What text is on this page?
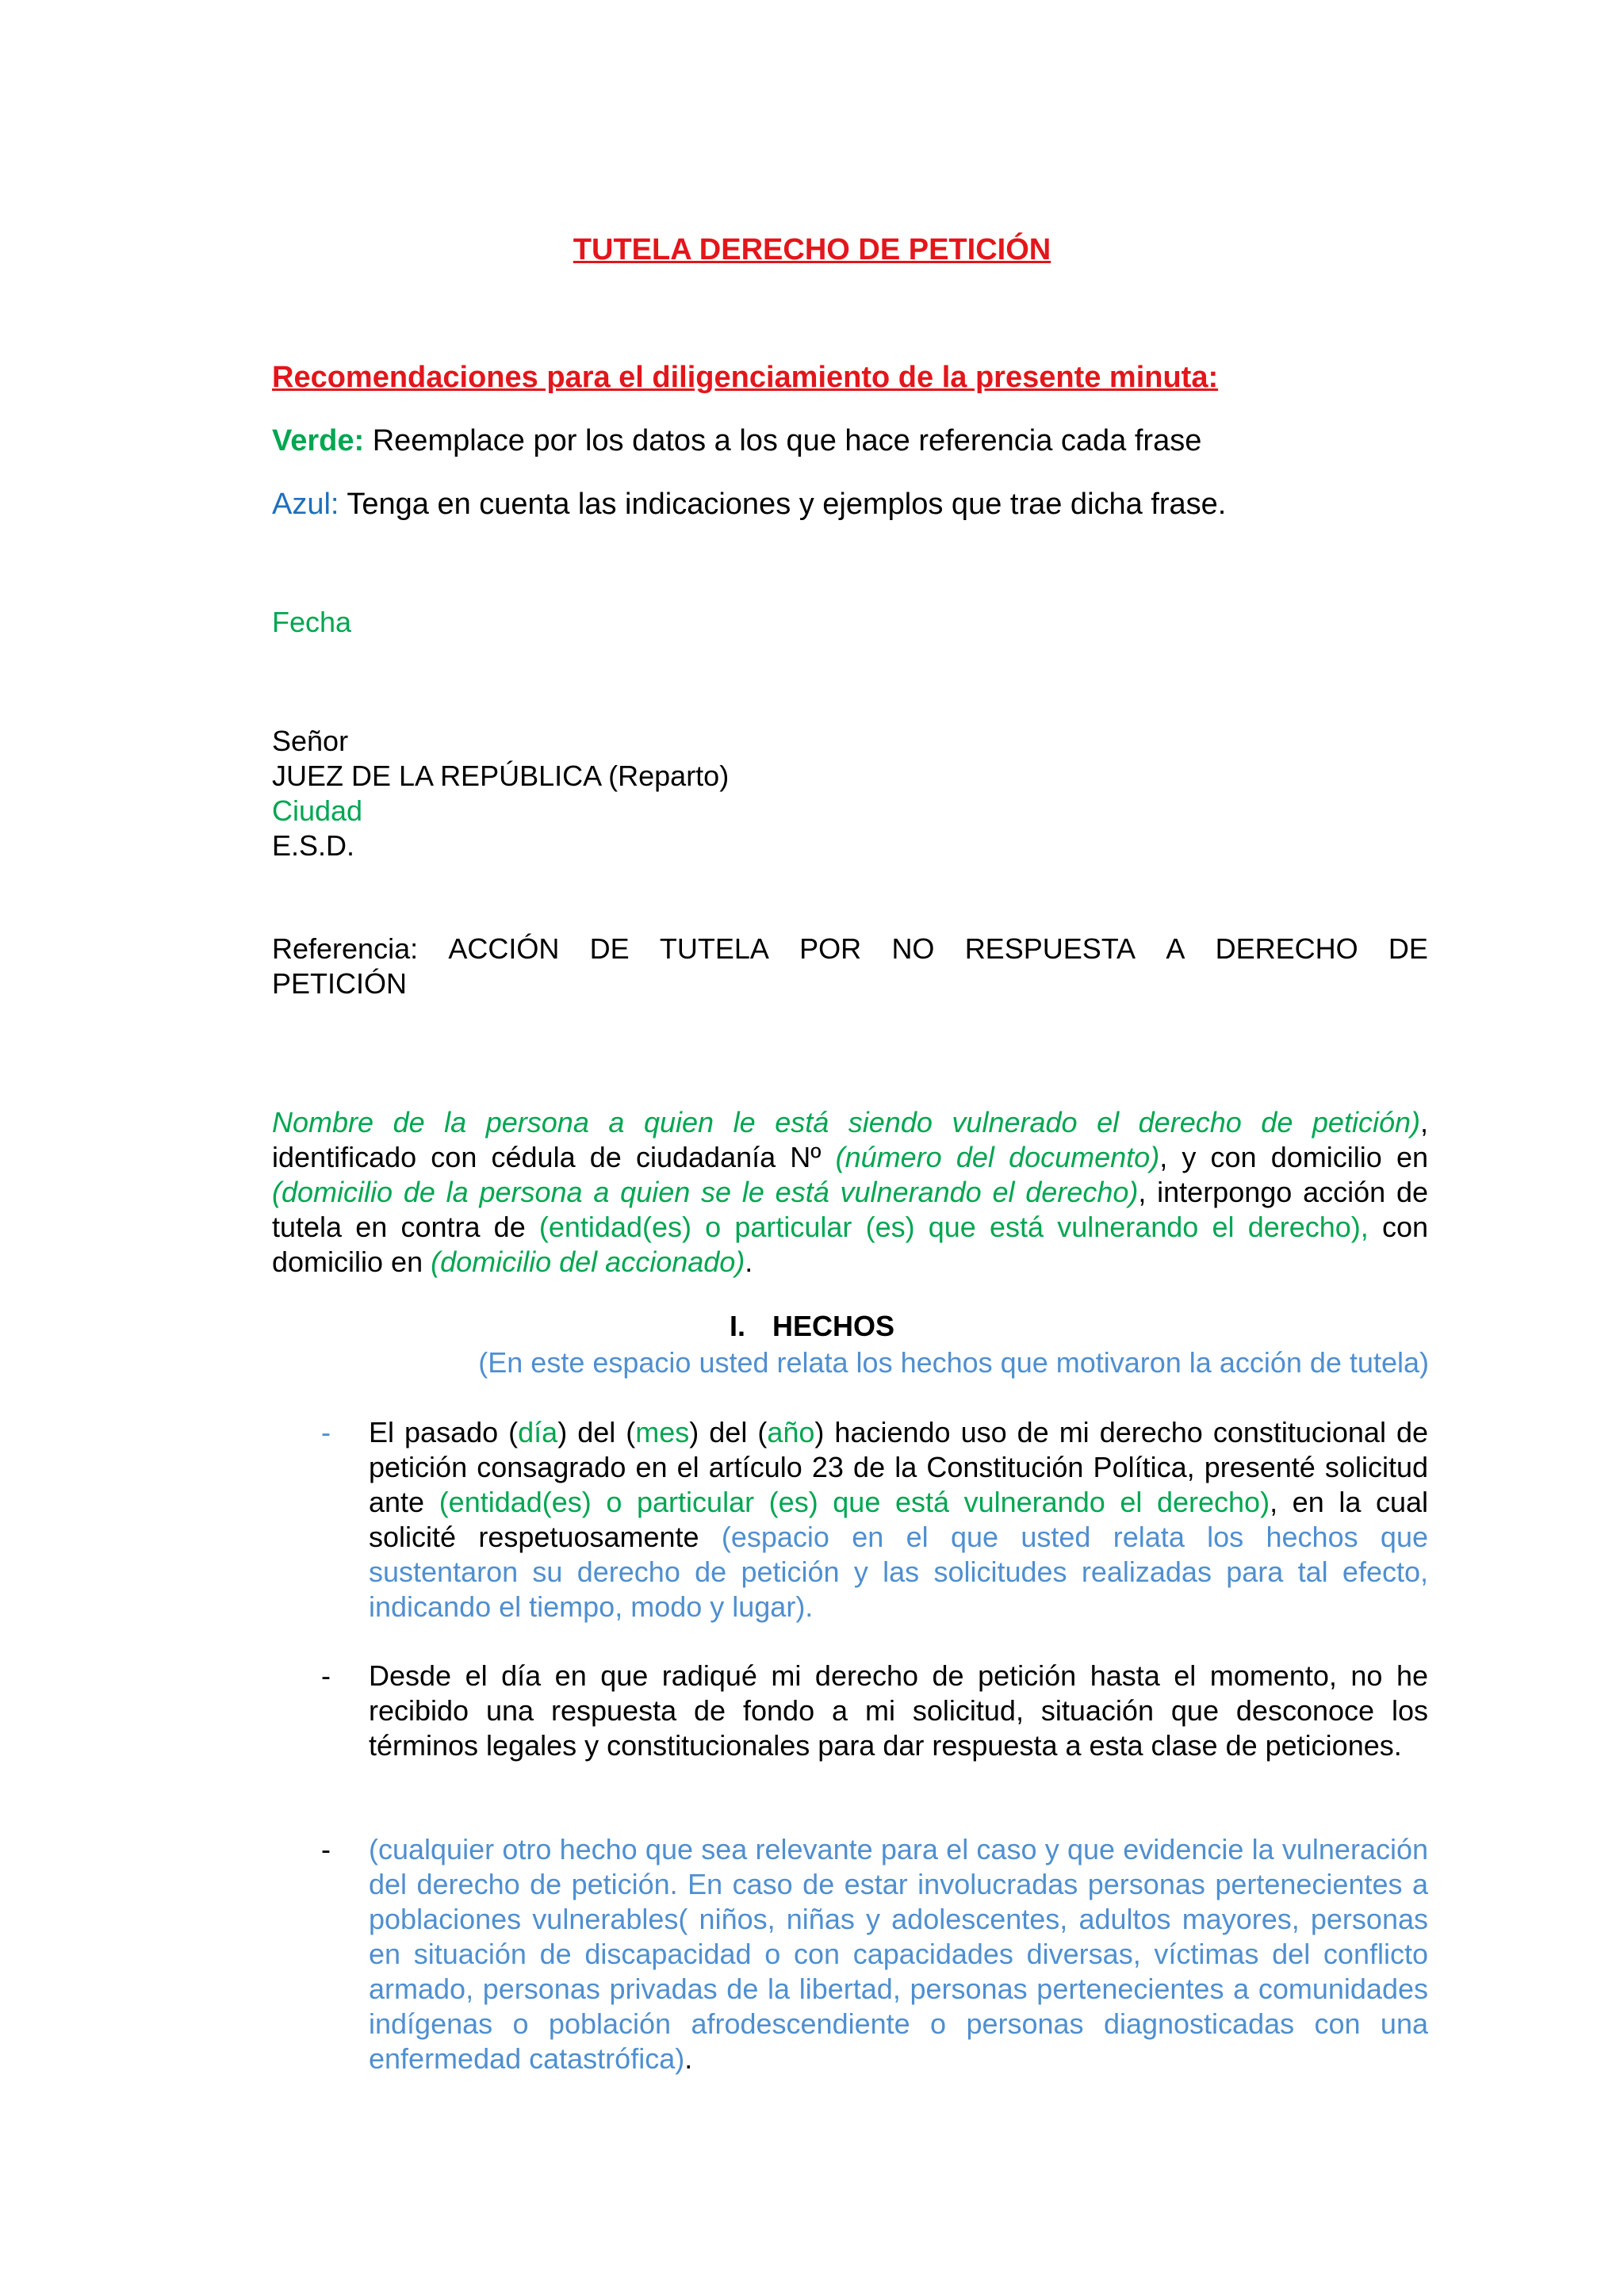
TUTELA DERECHO DE PETICIÓN
Recomendaciones para el diligenciamiento de la presente minuta:
Verde: Reemplace por los datos a los que hace referencia cada frase
Azul: Tenga en cuenta las indicaciones y ejemplos que trae dicha frase.
Fecha
Señor
JUEZ DE LA REPÚBLICA (Reparto)
Ciudad
E.S.D.
Referencia: ACCIÓN DE TUTELA POR NO RESPUESTA A DERECHO DE
PETICIÓN
Nombre de la persona a quien le está siendo vulnerado el derecho de petición), identificado con cédula de ciudadanía Nº (número del documento), y con domicilio en (domicilio de la persona a quien se le está vulnerando el derecho), interpongo acción de tutela en contra de (entidad(es) o particular (es) que está vulnerando el derecho), con domicilio en (domicilio del accionado).
I. HECHOS
(En este espacio usted relata los hechos que motivaron la acción de tutela)
- El pasado (día) del (mes) del (año) haciendo uso de mi derecho constitucional de petición consagrado en el artículo 23 de la Constitución Política, presenté solicitud ante (entidad(es) o particular (es) que está vulnerando el derecho), en la cual solicité respetuosamente (espacio en el que usted relata los hechos que sustentaron su derecho de petición y las solicitudes realizadas para tal efecto, indicando el tiempo, modo y lugar).
- Desde el día en que radiqué mi derecho de petición hasta el momento, no he recibido una respuesta de fondo a mi solicitud, situación que desconoce los términos legales y constitucionales para dar respuesta a esta clase de peticiones.
- (cualquier otro hecho que sea relevante para el caso y que evidencie la vulneración del derecho de petición. En caso de estar involucradas personas pertenecientes a poblaciones vulnerables( niños, niñas y adolescentes, adultos mayores, personas en situación de discapacidad o con capacidades diversas, víctimas del conflicto armado, personas privadas de la libertad, personas pertenecientes a comunidades indígenas o población afrodescendiente o personas diagnosticadas con una enfermedad catastrófica).
